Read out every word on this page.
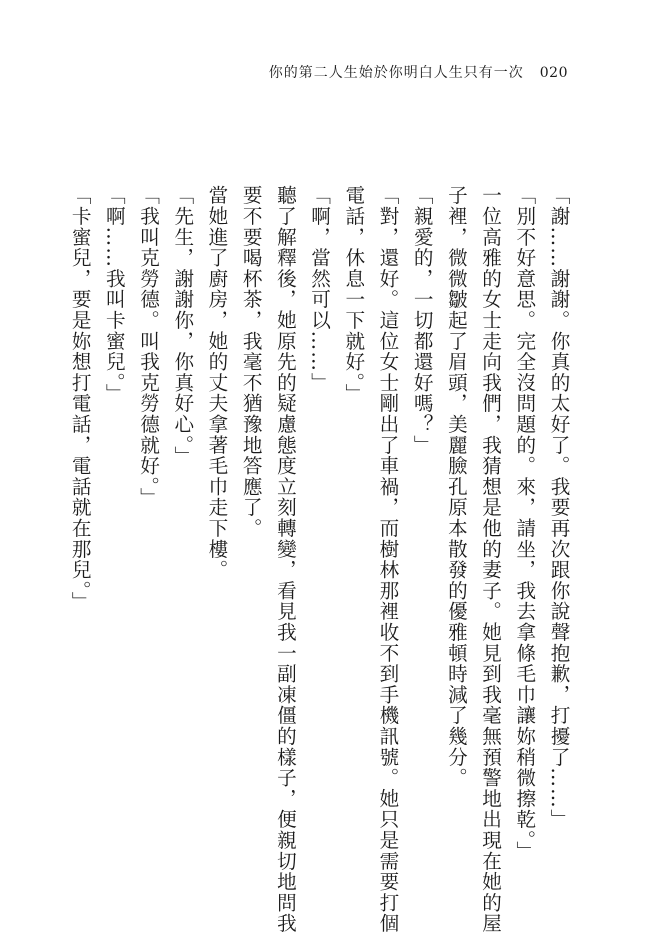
你的第二人生始於你明白人生只有一次 020

「謝……謝謝。你真的太好了。我要再次跟你說聲抱歉，打擾了……」

「別不好意思。完全沒問題的。來，請坐，我去拿條毛巾讓妳稍微擦乾。」

一位高雅的女士走向我們，我猜想是他的妻子。她見到我毫無預警地出現在她的屋

子裡，微微皺起了眉頭，美麗臉孔原本散發的優雅頓時減了幾分。

「親愛的，一切都還好嗎？」

「對，還好。這位女士剛出了車禍，而樹林那裡收不到手機訊號。她只是需要打個

電話，休息一下就好。」

「啊，當然可以……」

聽了解釋後，她原先的疑慮態度立刻轉變，看見我一副凍僵的樣子，便親切地問我

要不要喝杯茶，我毫不猶豫地答應了。

當她進了廚房，她的丈夫拿著毛巾走下樓。

「先生，謝謝你，你真好心。」

「我叫克勞德。叫我克勞德就好。」

「啊……我叫卡蜜兒。」

「卡蜜兒，要是妳想打電話，電話就在那兒。」
